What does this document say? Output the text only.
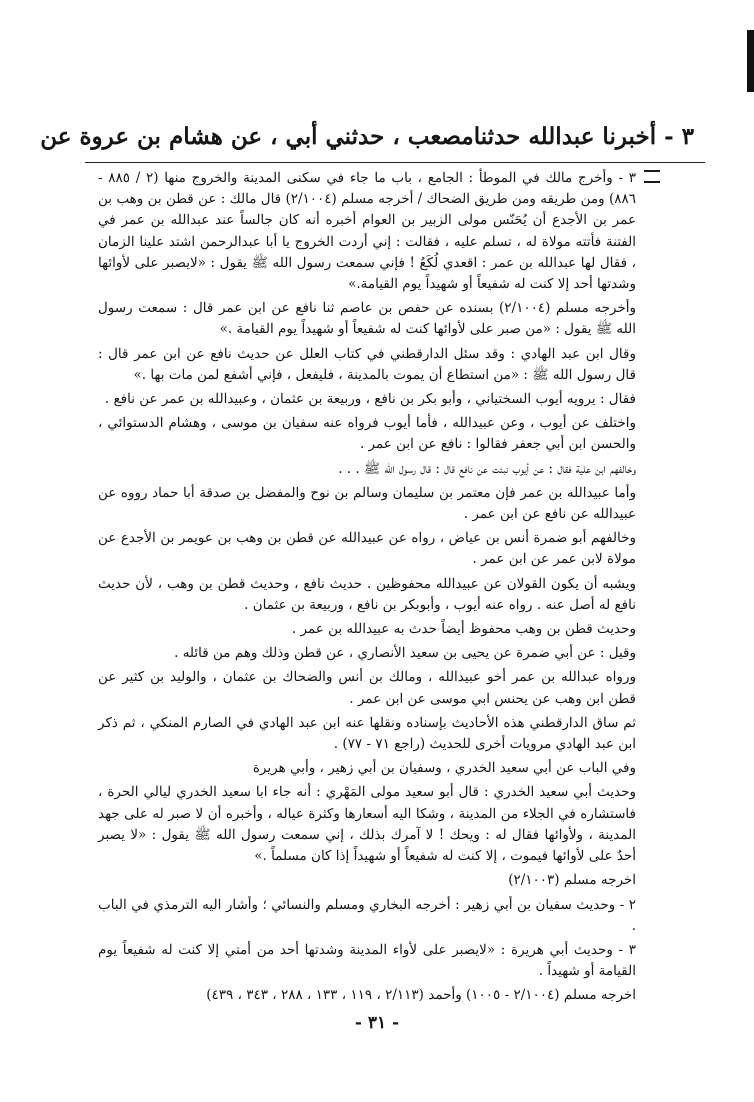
٣ - أخبرنا عبدالله حدثنامصعب ، حدثني أبي ، عن هشام بن عروة عن

٣ - وأخرج مالك في الموطأ : الجامع ، باب ما جاء في سكنى المدينة والخروج منها (٢ / ٨٨٥ - ٨٨٦) ومن طريقه ومن طريق الضحاك / أخرجه مسلم (٢/١٠٠٤) قال مالك : عن قطن بن وهب بن عمر بن الأجدع أن يُحَنّس مولى الزبير بن العوام أخبره أنه كان جالساً عند عبدالله بن عمر في الفتنة فأتته مولاة له ، تسلم عليه ، فقالت : إني أردت الخروج يا أبا عبدالرحمن اشتد علينا الزمان ، فقال لها عبدالله بن عمر : اقعدي لُكَعُ ! فإني سمعت رسول الله ﷺ يقول : «لايصبر على لأوائها وشدتها أحد إلا كنت له شفيعاً أو شهيداً يوم القيامة.»

وأخرجه مسلم (٢/١٠٠٤) بسنده عن حفص بن عاصم ثنا نافع عن ابن عمر قال : سمعت رسول الله ﷺ يقول : «من صبر على لأوائها كنت له شفيعاً أو شهيداً يوم القيامة .»

وقال ابن عبد الهادي : وقد سئل الدارقطني في كتاب العلل عن حديث نافع عن ابن عمر قال : قال رسول الله ﷺ : «من استطاع أن يموت بالمدينة ، فليفعل ، فإني أشفع لمن مات بها .»

فقال : يرويه أيوب السختياني ، وأبو بكر بن نافع ، وربيعة بن عثمان ، وعبيدالله بن عمر عن نافع .

واختلف عن أيوب ، وعن عبيدالله ، فأما أيوب فرواه عنه سفيان بن موسى ، وهشام الدستوائي ، والحسن ابن أبي جعفر فقالوا : نافع عن ابن عمر .

وخالفهم ابن علية فقال : عن أيوب نبئت عن نافع قال : قال رسول الله ﷺ . . .

وأما عبيدالله بن عمر فإن معتمر بن سليمان وسالم بن نوح والمفضل بن صدقة أبا حماد رووه عن عبيدالله عن نافع عن ابن عمر .

وخالفهم أبو ضمرة أنس بن عياض ، رواه عن عبيدالله عن قطن بن وهب بن عويمر بن الأجدع عن مولاة لابن عمر عن ابن عمر .

ويشبه أن يكون القولان عن عبيدالله محفوظين . حديث نافع ، وحديث قطن بن وهب ، لأن حديث نافع له أصل عنه . رواه عنه أيوب ، وأبوبكر بن نافع ، وربيعة بن عثمان .

وحديث قطن بن وهب محفوظ أيضاً حدث به عبيدالله بن عمر .

وقيل : عن أبي ضمرة عن يحيى بن سعيد الأنصاري ، عن قطن وذلك وهم من قائله .

ورواه عبدالله بن عمر أخو عبيدالله ، ومالك بن أنس والضحاك بن عثمان ، والوليد بن كثير عن قطن ابن وهب عن يحنس ابي موسى عن ابن عمر .

ثم ساق الدارقطني هذه الأحاديث بإسناده ونقلها عنه ابن عبد الهادي في الصارم المنكي ، ثم ذكر ابن عبد الهادي مرويات أخرى للحديث (راجع ٧١ - ٧٧) .

وفي الباب عن أبي سعيد الخدري ، وسفيان بن أبي زهير ، وأبي هريرة

وحديث أبي سعيد الخدري : قال أبو سعيد مولى المَهْري : أنه جاء ابا سعيد الخدري ليالي الحرة ، فاستشاره في الجلاء من المدينة ، وشكا اليه أسعارها وكثرة عياله ، وأخبره أن لا صبر له على جهد المدينة ، ولأوائها فقال له : ويحك ! لا آمرك بذلك ، إني سمعت رسول الله ﷺ يقول : «لا يصبر أحدٌ على لأوائها فيموت ، إلا كنت له شفيعاً أو شهيداً إذا كان مسلماً .»

اخرجه مسلم (٢/١٠٠٣)

٢ - وحديث سفيان بن أبي زهير : أخرجه البخاري ومسلم والنسائي ؛ وأشار اليه الترمذي في الباب .

٣ - وحديث أبي هريرة : «لايصبر على لأواء المدينة وشدتها أحد من أمتي إلا كنت له شفيعاً يوم القيامة أو شهيداً .

اخرجه مسلم (٢/١٠٠٤ - ١٠٠٥) وأحمد (٢/١١٣ ، ١١٩ ، ١٣٣ ، ٢٨٨ ، ٣٤٣ ، ٤٣٩)

- ٣١ -
